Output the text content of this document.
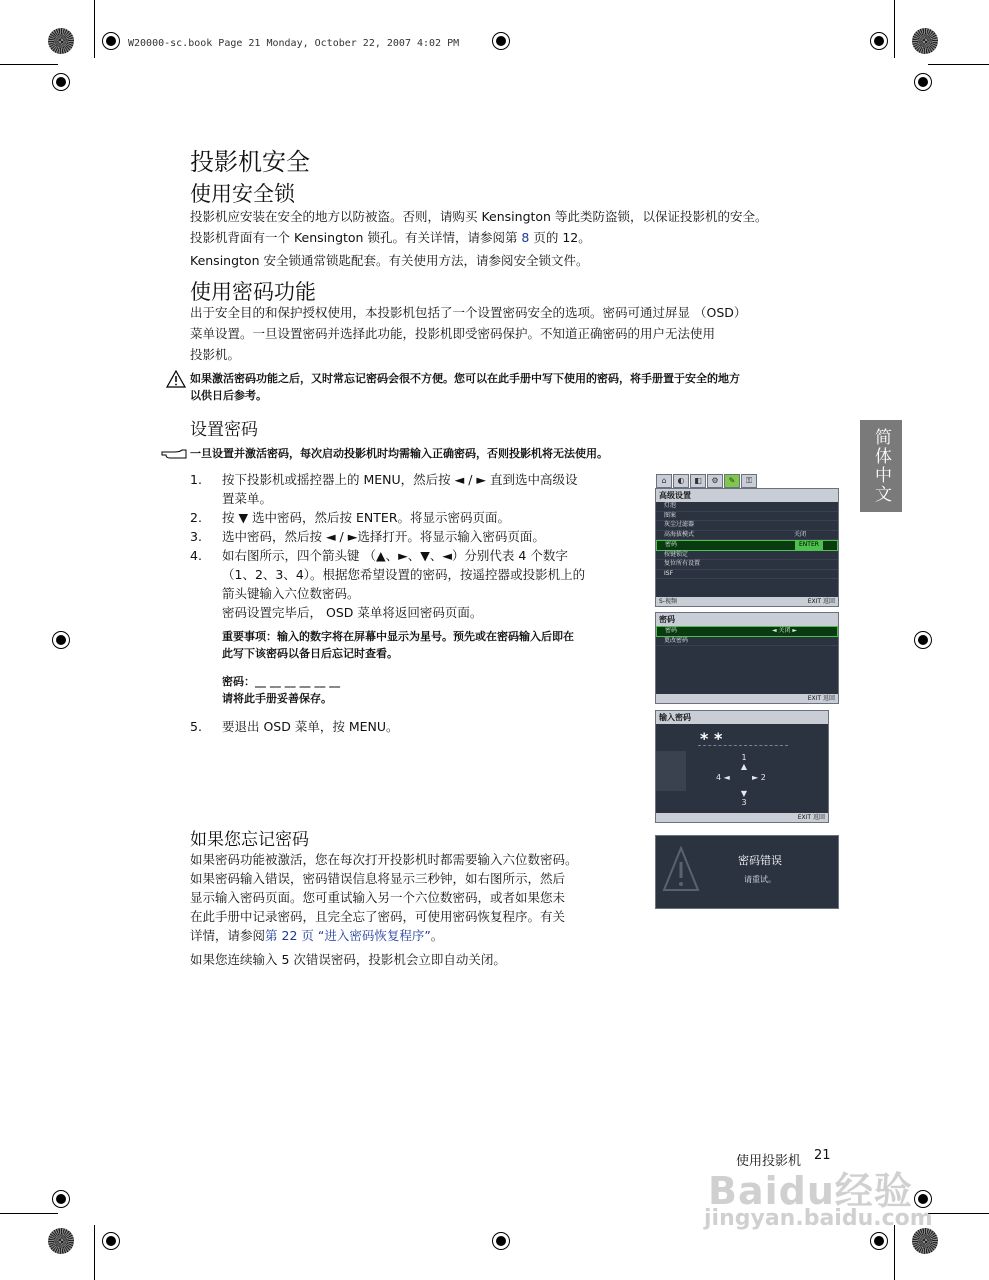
W20000-sc.book Page 21 Monday, October 22, 2007 4:02 PM
投影机安全
使用安全锁
投影机应安装在安全的地方以防被盗。否则，请购买 Kensington 等此类防盗锁，以保证投影机的安全。
投影机背面有一个 Kensington 锁孔。有关详情，请参阅第 8 页的 12。
Kensington 安全锁通常锁匙配套。有关使用方法，请参阅安全锁文件。
使用密码功能
出于安全目的和保护授权使用，本投影机包括了一个设置密码安全的选项。密码可通过屏显 （OSD）
菜单设置。一旦设置密码并选择此功能，投影机即受密码保护。不知道正确密码的用户无法使用
投影机。
如果激活密码功能之后，又时常忘记密码会很不方便。您可以在此手册中写下使用的密码，将手册置于安全的地方
以供日后参考。
设置密码
一旦设置并激活密码，每次启动投影机时均需输入正确密码，否则投影机将无法使用。
1. 按下投影机或摇控器上的 MENU，然后按 ◄ / ► 直到选中高级设
置菜单。
2. 按 ▼ 选中密码，然后按 ENTER。将显示密码页面。
3. 选中密码，然后按 ◄ / ►选择打开。将显示输入密码页面。
4. 如右图所示，四个箭头键 （▲、►、▼、◄）分别代表 4 个数字
（1、2、3、4）。根据您希望设置的密码，按遥控器或投影机上的
箭头键输入六位数密码。
密码设置完毕后， OSD 菜单将返回密码页面。
重要事项：输入的数字将在屏幕中显示为星号。预先或在密码输入后即在
此写下该密码以备日后忘记时查看。
密码：__ __ __ __ __ __
请将此手册妥善保存。
5. 要退出 OSD 菜单，按 MENU。
如果您忘记密码
如果密码功能被激活，您在每次打开投影机时都需要输入六位数密码。
如果密码输入错误，密码错误信息将显示三秒钟，如右图所示，然后
显示输入密码页面。您可重试输入另一个六位数密码，或者如果您未
在此手册中记录密码，且完全忘了密码，可使用密码恢复程序。有关
详情，请参阅第 22 页 “进入密码恢复程序”。
如果您连续输入 5 次错误密码，投影机会立即自动关闭。
⌂	◐	◧	⚙	✎	⚿
高级设置
灯泡
图案
灰尘过滤器
高海拔模式	关闭
密码	ENTER
按键锁定
复位所有设置
ISF
S-视频	EXIT 返回
密码
密码	◄ 关闭 ►
更改密码
EXIT 返回
输入密码
* *
1
▲
4 ◄	► 2
▼
3
EXIT 返回
密码错误
请重试。
简体中文
使用投影机 21
Baidu经验
jingyan.baidu.com
